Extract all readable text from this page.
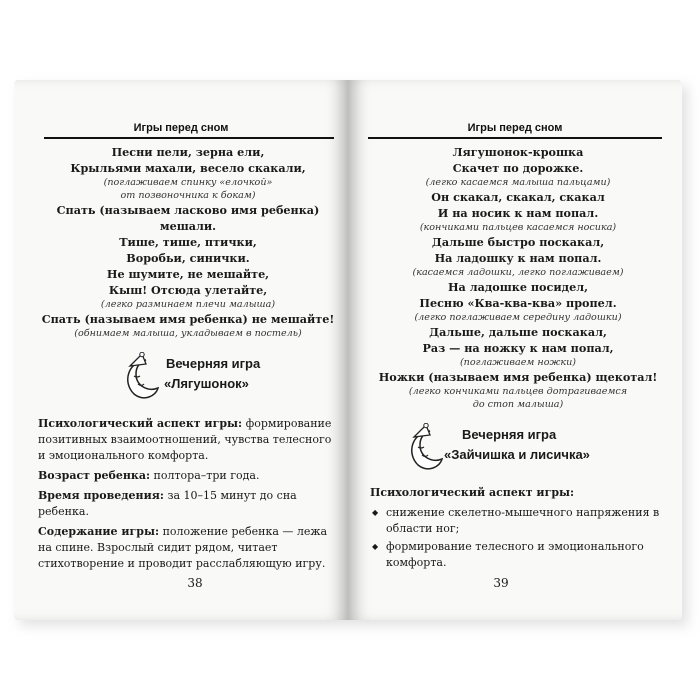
Игры перед сном
Песни пели, зерна ели,
Крыльями махали, весело скакали,
(поглаживаем спинку «елочкой»
от позвоночника к бокам)
Спать (называем ласково имя ребенка) мешали.
Тише, тише, птички,
Воробьи, синички.
Не шумите, не мешайте,
Кыш! Отсюда улетайте,
(легко разминаем плечи малыша)
Спать (называем имя ребенка) не мешайте!
(обнимаем малыша, укладываем в постель)
Вечерняя игра
«Лягушонок»
Психологический аспект игры: формирование позитивных взаимоотношений, чувства телесного и эмоционального комфорта.
Возраст ребенка: полтора–три года.
Время проведения: за 10–15 минут до сна ребенка.
Содержание игры: положение ребенка — лежа на спине. Взрослый сидит рядом, читает стихотворение и проводит расслабляющую игру.
38
Игры перед сном
Лягушонок-крошка
Скачет по дорожке.
(легко касаемся малыша пальцами)
Он скакал, скакал, скакал
И на носик к нам попал.
(кончиками пальцев касаемся носика)
Дальше быстро поскакал,
На ладошку к нам попал.
(касаемся ладошки, легко поглаживаем)
На ладошке посидел,
Песню «Ква-ква-ква» пропел.
(легко поглаживаем середину ладошки)
Дальше, дальше поскакал,
Раз — на ножку к нам попал,
(поглаживаем ножки)
Ножки (называем имя ребенка) щекотал!
(легко кончиками пальцев дотрагиваемся
до стоп малыша)
Вечерняя игра
«Зайчишка и лисичка»
Психологический аспект игры:
◆ снижение скелетно-мышечного напряжения в области ног;
◆ формирование телесного и эмоционального комфорта.
39
